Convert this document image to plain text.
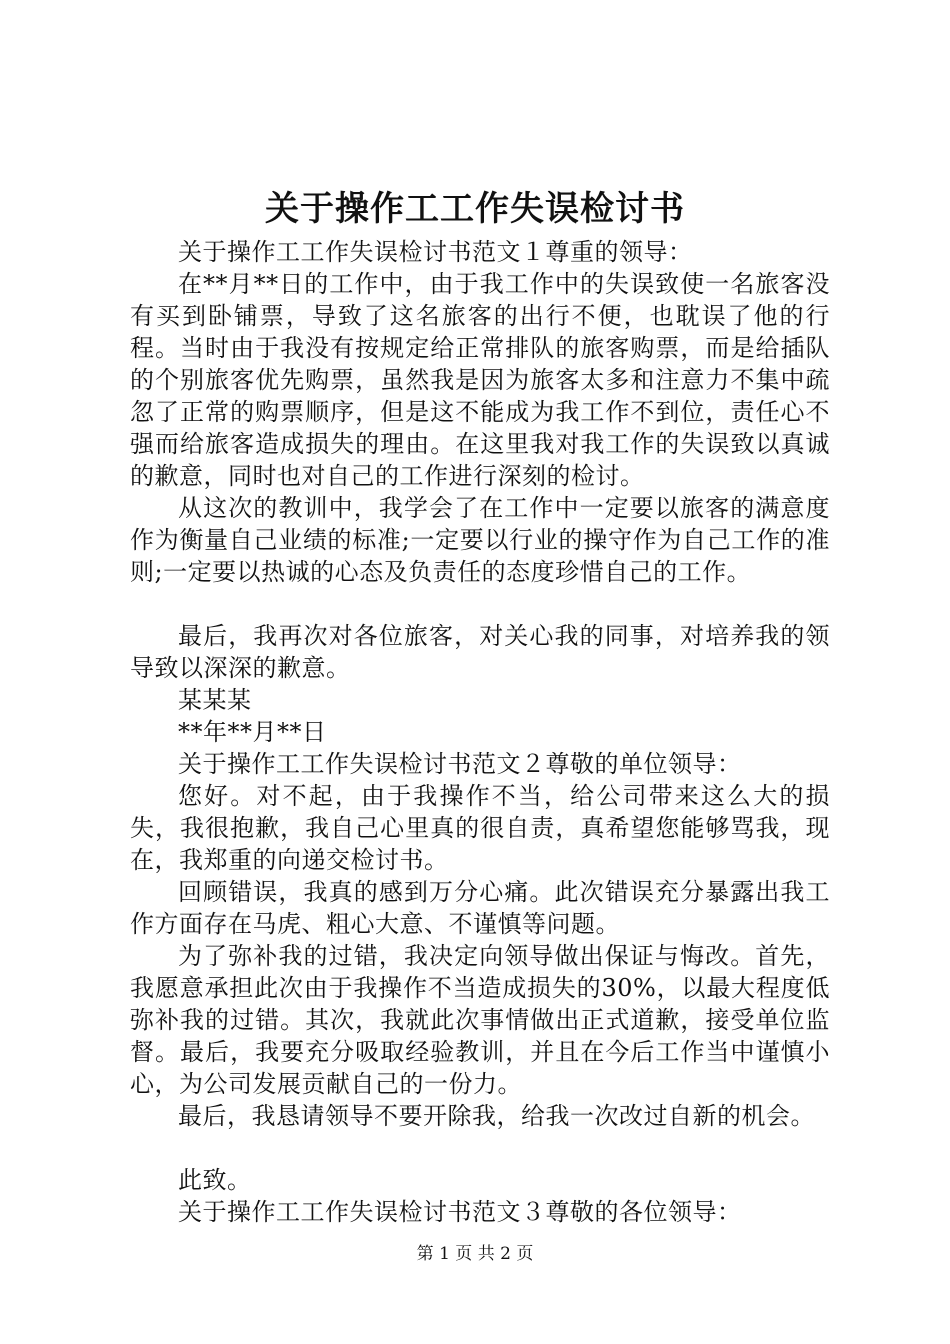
关于操作工工作失误检讨书

关于操作工工作失误检讨书范文１尊重的领导：

在**月**日的工作中，由于我工作中的失误致使一名旅客没有买到卧铺票，导致了这名旅客的出行不便，也耽误了他的行程。当时由于我没有按规定给正常排队的旅客购票，而是给插队的个别旅客优先购票，虽然我是因为旅客太多和注意力不集中疏忽了正常的购票顺序，但是这不能成为我工作不到位，责任心不强而给旅客造成损失的理由。在这里我对我工作的失误致以真诚的歉意，同时也对自己的工作进行深刻的检讨。

从这次的教训中，我学会了在工作中一定要以旅客的满意度作为衡量自己业绩的标准;一定要以行业的操守作为自己工作的准则;一定要以热诚的心态及负责任的态度珍惜自己的工作。

最后，我再次对各位旅客，对关心我的同事，对培养我的领导致以深深的歉意。

某某某

**年**月**日

关于操作工工作失误检讨书范文２尊敬的单位领导：

您好。对不起，由于我操作不当，给公司带来这么大的损失，我很抱歉，我自己心里真的很自责，真希望您能够骂我，现在，我郑重的向递交检讨书。

回顾错误，我真的感到万分心痛。此次错误充分暴露出我工作方面存在马虎、粗心大意、不谨慎等问题。

为了弥补我的过错，我决定向领导做出保证与悔改。首先，我愿意承担此次由于我操作不当造成损失的30%，以最大程度低弥补我的过错。其次，我就此次事情做出正式道歉，接受单位监督。最后，我要充分吸取经验教训，并且在今后工作当中谨慎小心，为公司发展贡献自己的一份力。

最后，我恳请领导不要开除我，给我一次改过自新的机会。

此致。

关于操作工工作失误检讨书范文３尊敬的各位领导：

第 1 页 共 2 页
